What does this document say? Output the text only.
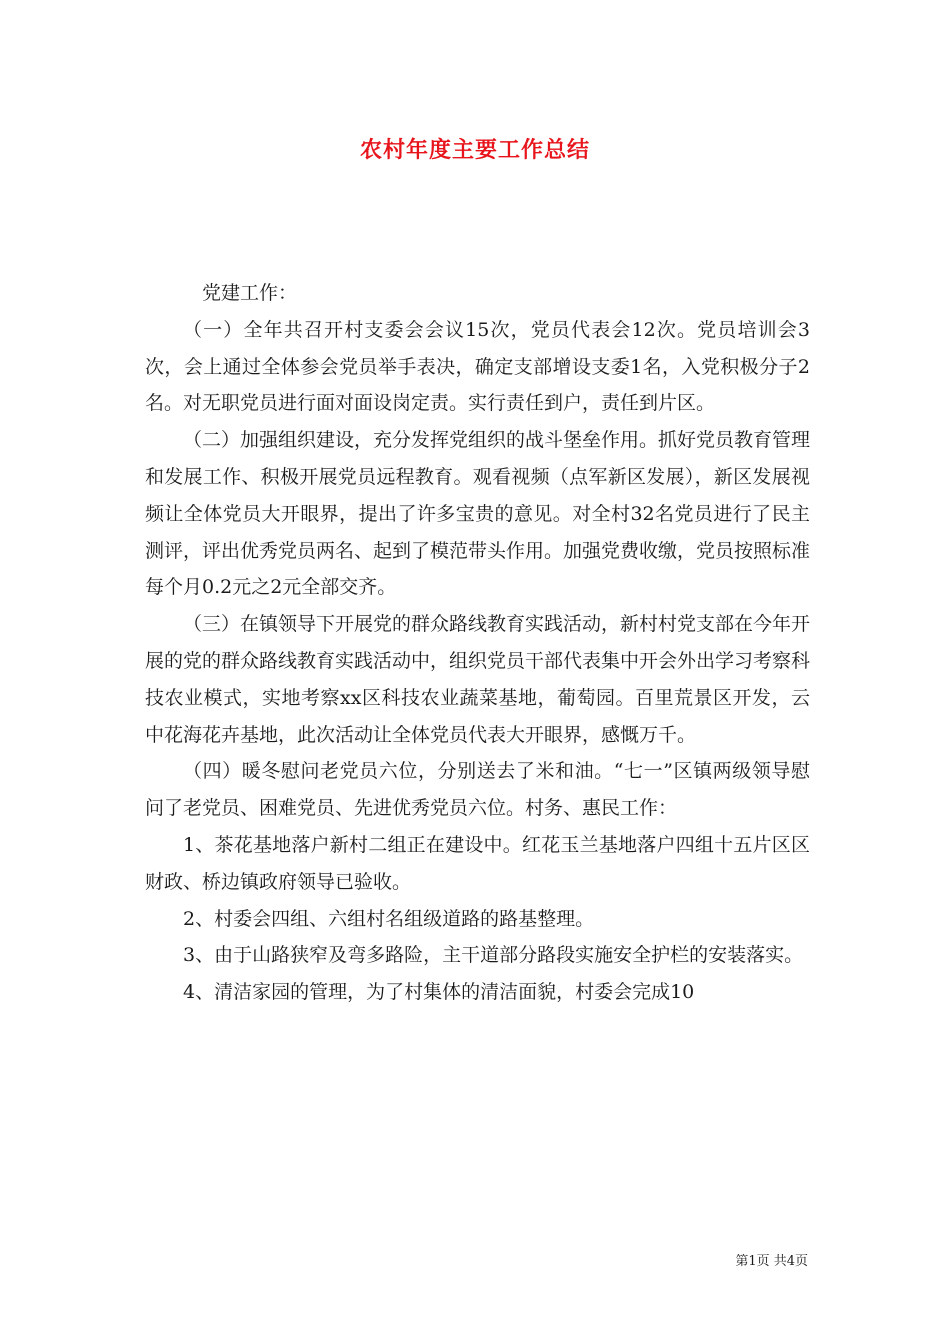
农村年度主要工作总结

党建工作：

（一）全年共召开村支委会会议15次，党员代表会12次。党员培训会3次，会上通过全体参会党员举手表决，确定支部增设支委1名，入党积极分子2名。对无职党员进行面对面设岗定责。实行责任到户，责任到片区。

（二）加强组织建设，充分发挥党组织的战斗堡垒作用。抓好党员教育管理和发展工作、积极开展党员远程教育。观看视频（点军新区发展），新区发展视频让全体党员大开眼界，提出了许多宝贵的意见。对全村32名党员进行了民主测评，评出优秀党员两名、起到了模范带头作用。加强党费收缴，党员按照标准每个月0.2元之2元全部交齐。

（三）在镇领导下开展党的群众路线教育实践活动，新村村党支部在今年开展的党的群众路线教育实践活动中，组织党员干部代表集中开会外出学习考察科技农业模式，实地考察xx区科技农业蔬菜基地，葡萄园。百里荒景区开发，云中花海花卉基地，此次活动让全体党员代表大开眼界，感慨万千。

（四）暖冬慰问老党员六位，分别送去了米和油。“七一”区镇两级领导慰问了老党员、困难党员、先进优秀党员六位。村务、惠民工作：

1、茶花基地落户新村二组正在建设中。红花玉兰基地落户四组十五片区区财政、桥边镇政府领导已验收。

2、村委会四组、六组村名组级道路的路基整理。

3、由于山路狭窄及弯多路险，主干道部分路段实施安全护栏的安装落实。

4、清洁家园的管理，为了村集体的清洁面貌，村委会完成10

第1页 共4页
